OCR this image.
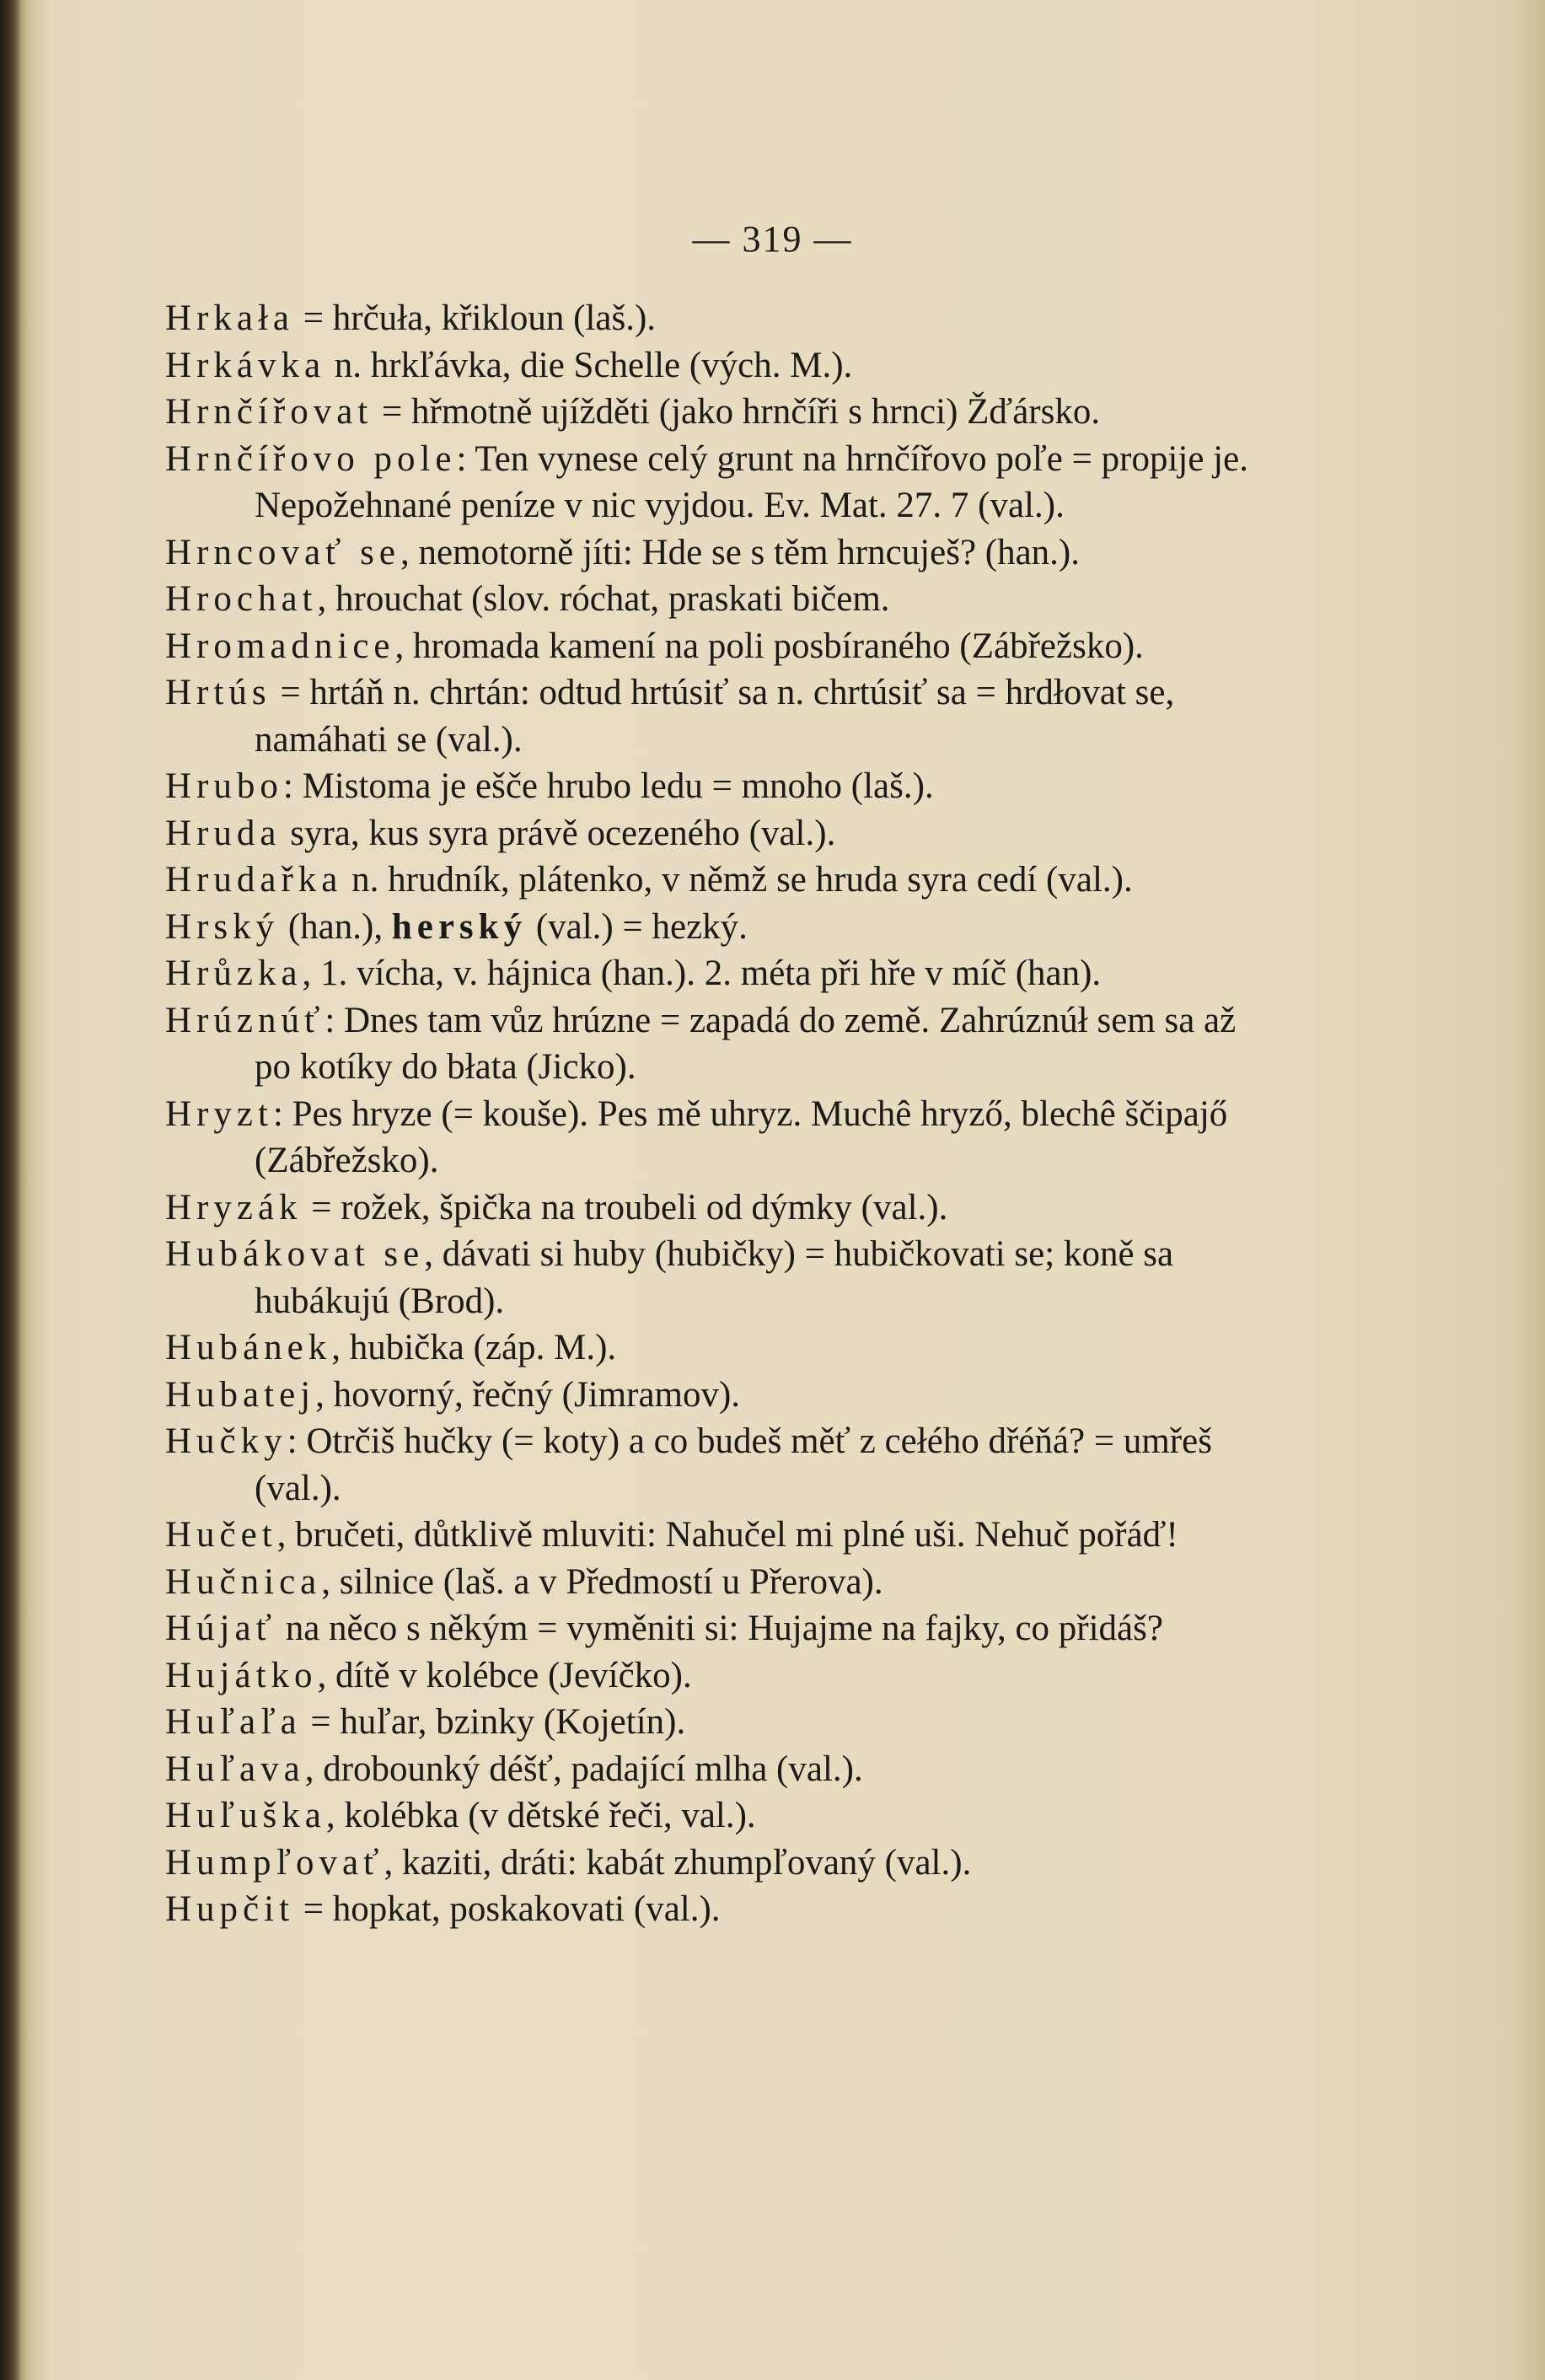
— 319 —
Hrkała = hrčuła, křikloun (laš.).
Hrkávka n. hrkľávka, die Schelle (vých. M.).
Hrnčířovat = hřmotně ujížděti (jako hrnčíři s hrnci) Žďársko.
Hrnčířovo pole: Ten vynese celý grunt na hrnčířovo poľe = propije je. Nepožehnané peníze v nic vyjdou. Ev. Mat. 27. 7 (val.).
Hrncovať se, nemotorně jíti: Hde se s těm hrncuješ? (han.).
Hrochat, hrouchat (slov. róchat, praskati bičem.
Hromadnice, hromada kamení na poli posbíraného (Zábřežsko).
Hrtús = hrtáň n. chrtán: odtud hrtúsiť sa n. chrtúsiť sa = hrdłovat se, namáhati se (val.).
Hrubo: Mistoma je ešče hrubo ledu = mnoho (laš.).
Hruda syra, kus syra právě ocezeného (val.).
Hrudařka n. hrudník, plátenko, v němž se hruda syra cedí (val.).
Hrský (han.), herský (val.) = hezký.
Hrůzka, 1. vícha, v. hájnica (han.). 2. méta při hře v míč (han).
Hrúznúť: Dnes tam vůz hrúzne = zapadá do země. Zahrúznúł sem sa až po kotíky do błata (Jicko).
Hryzt: Pes hryze (= kouše). Pes mě uhryz. Muchê hryző, blechê ščipajő (Zábřežsko).
Hryzák = rožek, špička na troubeli od dýmky (val.).
Hubákovat se, dávati si huby (hubičky) = hubičkovati se; koně sa hubákujú (Brod).
Hubánek, hubička (záp. M.).
Hubatej, hovorný, řečný (Jimramov).
Hučky: Otrčiš hučky (= koty) a co budeš měť z cełého dřéňá? = umřeš (val.).
Hučet, bručeti, důtklivě mluviti: Nahučel mi plné uši. Nehuč pořáď!
Hučnica, silnice (laš. a v Předmostí u Přerova).
Hújať na něco s někým = vyměniti si: Hujajme na fajky, co přidáš?
Hujátko, dítě v kolébce (Jevíčko).
Huľaľa = huľar, bzinky (Kojetín).
Huľava, drobounký déšť, padající mlha (val.).
Huľuška, kolébka (v dětské řeči, val.).
Humpľovať, kaziti, dráti: kabát zhumpľovaný (val.).
Hupčit = hopkat, poskakovati (val.).
